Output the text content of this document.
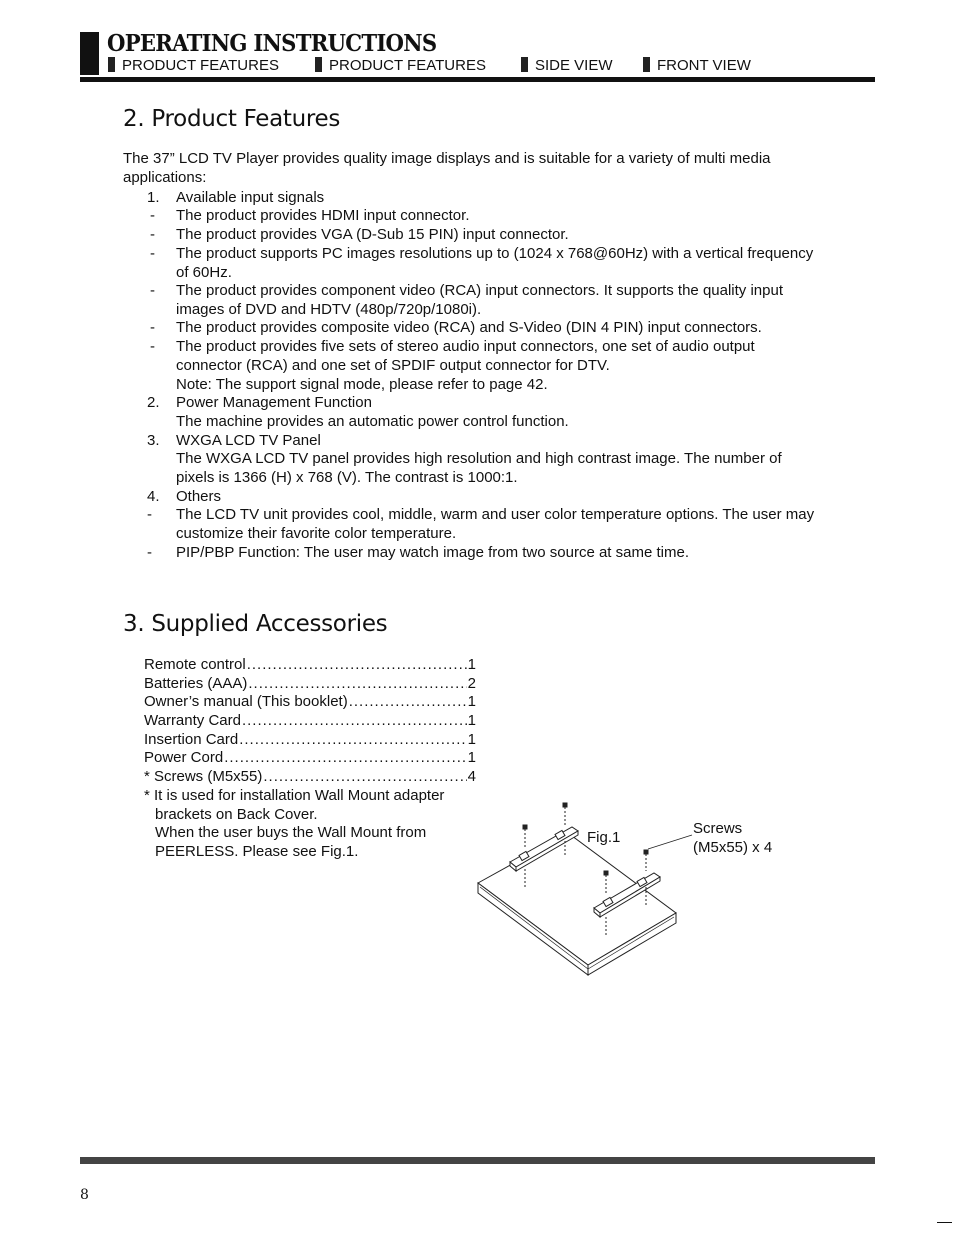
OPERATING INSTRUCTIONS
PRODUCT FEATURES	PRODUCT FEATURES	SIDE VIEW	FRONT VIEW
2. Product Features
The 37” LCD TV Player provides quality image displays and is suitable for a variety of multi media applications:
1. Available input signals
- The product provides HDMI input connector.
- The product provides VGA (D-Sub 15 PIN) input connector.
- The product supports PC images resolutions up to (1024 x 768@60Hz) with a vertical frequency of 60Hz.
- The product provides component video (RCA) input connectors. It supports the quality input images of DVD and HDTV (480p/720p/1080i).
- The product provides composite video (RCA) and S-Video (DIN 4 PIN) input connectors.
- The product provides five sets of stereo audio input connectors, one set of audio output connector (RCA) and one set of SPDIF output connector for DTV.
Note: The support signal mode, please refer to page 42.
2. Power Management Function
The machine provides an automatic power control function.
3. WXGA LCD TV Panel
The WXGA LCD TV panel provides high resolution and high contrast image. The number of pixels is 1366 (H) x 768 (V). The contrast is 1000:1.
4. Others
- The LCD TV unit provides cool, middle, warm and user color temperature options. The user may customize their favorite color temperature.
- PIP/PBP Function: The user may watch image from two source at same time.
3. Supplied Accessories
Remote control .....	1
Batteries (AAA) .....	2
Owner’s manual (This booklet) .....	1
Warranty Card .....	1
Insertion Card .....	1
Power Cord .....	1
* Screws (M5x55) .....	4
* It is used for installation Wall Mount adapter
brackets on Back Cover.
When the user buys the Wall Mount from
PEERLESS. Please see Fig.1.
Fig.1
Screws
(M5x55) x 4
8
